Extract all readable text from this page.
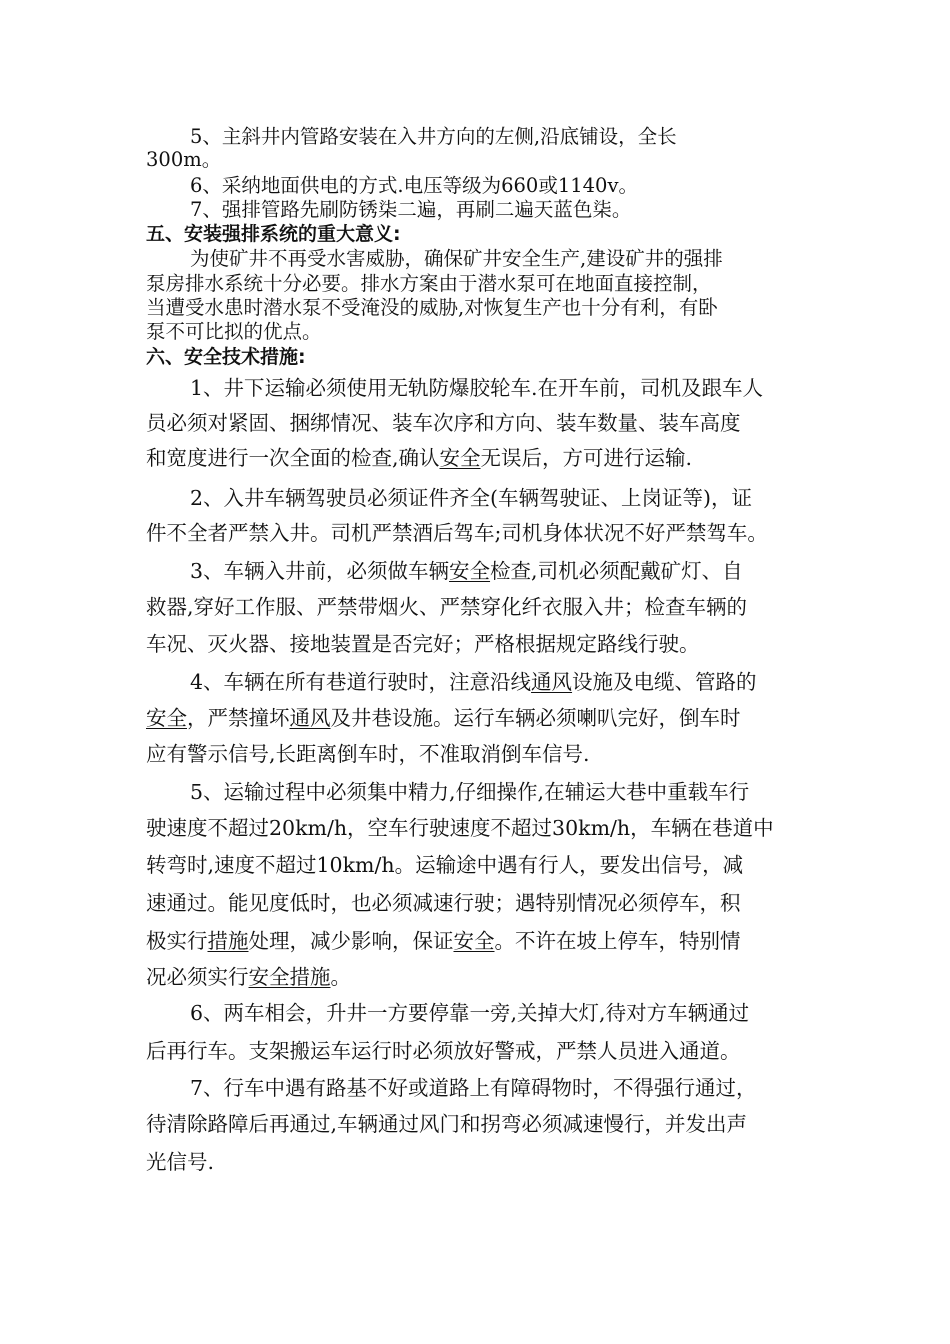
5、主斜井内管路安装在入井方向的左侧,沿底铺设，全长

300m。

6、采纳地面供电的方式.电压等级为660或1140v。

7、强排管路先刷防锈柒二遍，再刷二遍天蓝色柒。

五、安装强排系统的重大意义:

为使矿井不再受水害威胁，确保矿井安全生产,建设矿井的强排

泵房排水系统十分必要。排水方案由于潜水泵可在地面直接控制，

当遭受水患时潜水泵不受淹没的威胁,对恢复生产也十分有利，有卧

泵不可比拟的优点。

六、安全技术措施:

1、井下运输必须使用无轨防爆胶轮车.在开车前，司机及跟车人

员必须对紧固、捆绑情况、装车次序和方向、装车数量、装车高度

和宽度进行一次全面的检查,确认安全无误后，方可进行运输.

2、入井车辆驾驶员必须证件齐全(车辆驾驶证、上岗证等)，证

件不全者严禁入井。司机严禁酒后驾车;司机身体状况不好严禁驾车。

3、车辆入井前，必须做车辆安全检查,司机必须配戴矿灯、自

救器,穿好工作服、严禁带烟火、严禁穿化纤衣服入井；检查车辆的

车况、灭火器、接地装置是否完好；严格根据规定路线行驶。

4、车辆在所有巷道行驶时，注意沿线通风设施及电缆、管路的

安全，严禁撞坏通风及井巷设施。运行车辆必须喇叭完好，倒车时

应有警示信号,长距离倒车时，不准取消倒车信号.

5、运输过程中必须集中精力,仔细操作,在辅运大巷中重载车行

驶速度不超过20km/h，空车行驶速度不超过30km/h，车辆在巷道中

转弯时,速度不超过10km/h。运输途中遇有行人，要发出信号，减

速通过。能见度低时，也必须减速行驶；遇特别情况必须停车，积

极实行措施处理，减少影响，保证安全。不许在坡上停车，特别情

况必须实行安全措施。

6、两车相会，升井一方要停靠一旁,关掉大灯,待对方车辆通过

后再行车。支架搬运车运行时必须放好警戒，严禁人员进入通道。

7、行车中遇有路基不好或道路上有障碍物时，不得强行通过，

待清除路障后再通过,车辆通过风门和拐弯必须减速慢行，并发出声

光信号.
